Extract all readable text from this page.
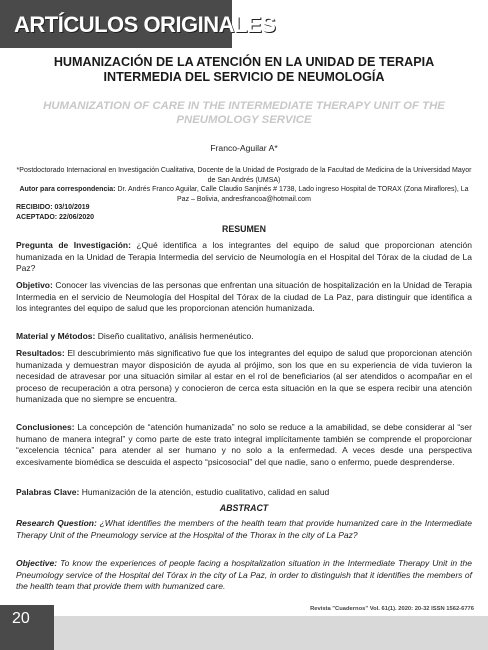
ARTÍCULOS ORIGINALES
HUMANIZACIÓN DE LA ATENCIÓN EN LA UNIDAD DE TERAPIA INTERMEDIA DEL SERVICIO DE NEUMOLOGÍA
HUMANIZATION OF CARE IN THE INTERMEDIATE THERAPY UNIT OF THE PNEUMOLOGY SERVICE
Franco-Aguilar A*
*Postdoctorado Internacional en Investigación Cualitativa, Docente de la Unidad de Postgrado de la Facultad de Medicina de la Universidad Mayor de San Andrés (UMSA)
Autor para correspondencia: Dr. Andrés Franco Aguilar, Calle Claudio Sanjinés # 1738, Lado ingreso Hospital de TORAX (Zona Miraflores), La Paz – Bolivia, andresfrancoa@hotmail.com
RECIBIDO: 03/10/2019
ACEPTADO: 22/06/2020
RESUMEN
Pregunta de Investigación: ¿Qué identifica a los integrantes del equipo de salud que proporcionan atención humanizada en la Unidad de Terapia Intermedia del servicio de Neumología en el Hospital del Tórax de la ciudad de La Paz?
Objetivo: Conocer las vivencias de las personas que enfrentan una situación de hospitalización en la Unidad de Terapia Intermedia en el servicio de Neumología del Hospital del Tórax de la ciudad de La Paz, para distinguir que identifica a los integrantes del equipo de salud que les proporcionan atención humanizada.
Material y Métodos: Diseño cualitativo, análisis hermenéutico.
Resultados: El descubrimiento más significativo fue que los integrantes del equipo de salud que proporcionan atención humanizada y demuestran mayor disposición de ayuda al prójimo, son los que en su experiencia de vida tuvieron la necesidad de atravesar por una situación similar al estar en el rol de beneficiarios (al ser atendidos o acompañar en el proceso de recuperación a otra persona) y conocieron de cerca esta situación en la que se espera recibir una atención humanizada que no siempre se encuentra.
Conclusiones: La concepción de “atención humanizada” no solo se reduce a la amabilidad, se debe considerar al “ser humano de manera integral” y como parte de este trato integral implícitamente también se comprende el proporcionar “excelencia técnica” para atender al ser humano y no solo a la enfermedad. A veces desde una perspectiva excesivamente biomédica se descuida el aspecto “psicosocial” del que nadie, sano o enfermo, puede desprenderse.
Palabras Clave: Humanización de la atención, estudio cualitativo, calidad en salud
ABSTRACT
Research Question: ¿What identifies the members of the health team that provide humanized care in the Intermediate Therapy Unit of the Pneumology service at the Hospital of the Thorax in the city of La Paz?
Objective: To know the experiences of people facing a hospitalization situation in the Intermediate Therapy Unit in the Pneumology service of the Hospital del Tórax in the city of La Paz, in order to distinguish that it identifies the members of the health team that provide them with humanized care.
20
Revista "Cuadernos" Vol. 61(1). 2020: 20-32 ISSN 1562-6776
